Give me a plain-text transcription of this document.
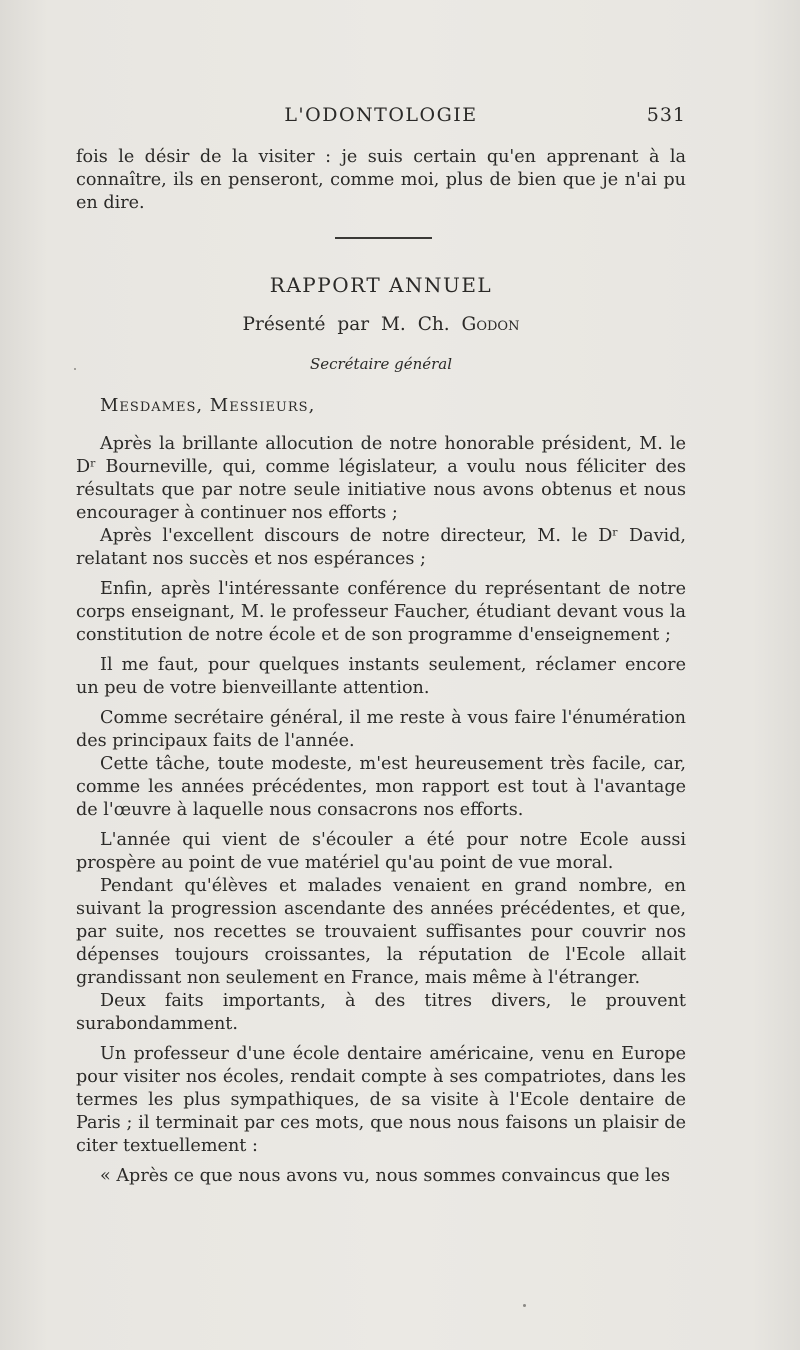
L'ODONTOLOGIE	531

fois le désir de la visiter : je suis certain qu'en apprenant à la connaître, ils en penseront, comme moi, plus de bien que je n'ai pu en dire.

RAPPORT ANNUEL
Présenté par M. Ch. Godon
Secrétaire général
Mesdames, Messieurs,

Après la brillante allocution de notre honorable président, M. le Dʳ Bourneville, qui, comme législateur, a voulu nous féliciter des résultats que par notre seule initiative nous avons obtenus et nous encourager à continuer nos efforts ;

Après l'excellent discours de notre directeur, M. le Dʳ David, relatant nos succès et nos espérances ;

Enfin, après l'intéressante conférence du représentant de notre corps enseignant, M. le professeur Faucher, étudiant devant vous la constitution de notre école et de son programme d'enseignement ;

Il me faut, pour quelques instants seulement, réclamer encore un peu de votre bienveillante attention.

Comme secrétaire général, il me reste à vous faire l'énumération des principaux faits de l'année.

Cette tâche, toute modeste, m'est heureusement très facile, car, comme les années précédentes, mon rapport est tout à l'avantage de l'œuvre à laquelle nous consacrons nos efforts.

L'année qui vient de s'écouler a été pour notre Ecole aussi prospère au point de vue matériel qu'au point de vue moral.

Pendant qu'élèves et malades venaient en grand nombre, en suivant la progression ascendante des années précédentes, et que, par suite, nos recettes se trouvaient suffisantes pour couvrir nos dépenses toujours croissantes, la réputation de l'Ecole allait grandissant non seulement en France, mais même à l'étranger.

Deux faits importants, à des titres divers, le prouvent surabondamment.

Un professeur d'une école dentaire américaine, venu en Europe pour visiter nos écoles, rendait compte à ses compatriotes, dans les termes les plus sympathiques, de sa visite à l'Ecole dentaire de Paris ; il terminait par ces mots, que nous nous faisons un plaisir de citer textuellement :

« Après ce que nous avons vu, nous sommes convaincus que les
